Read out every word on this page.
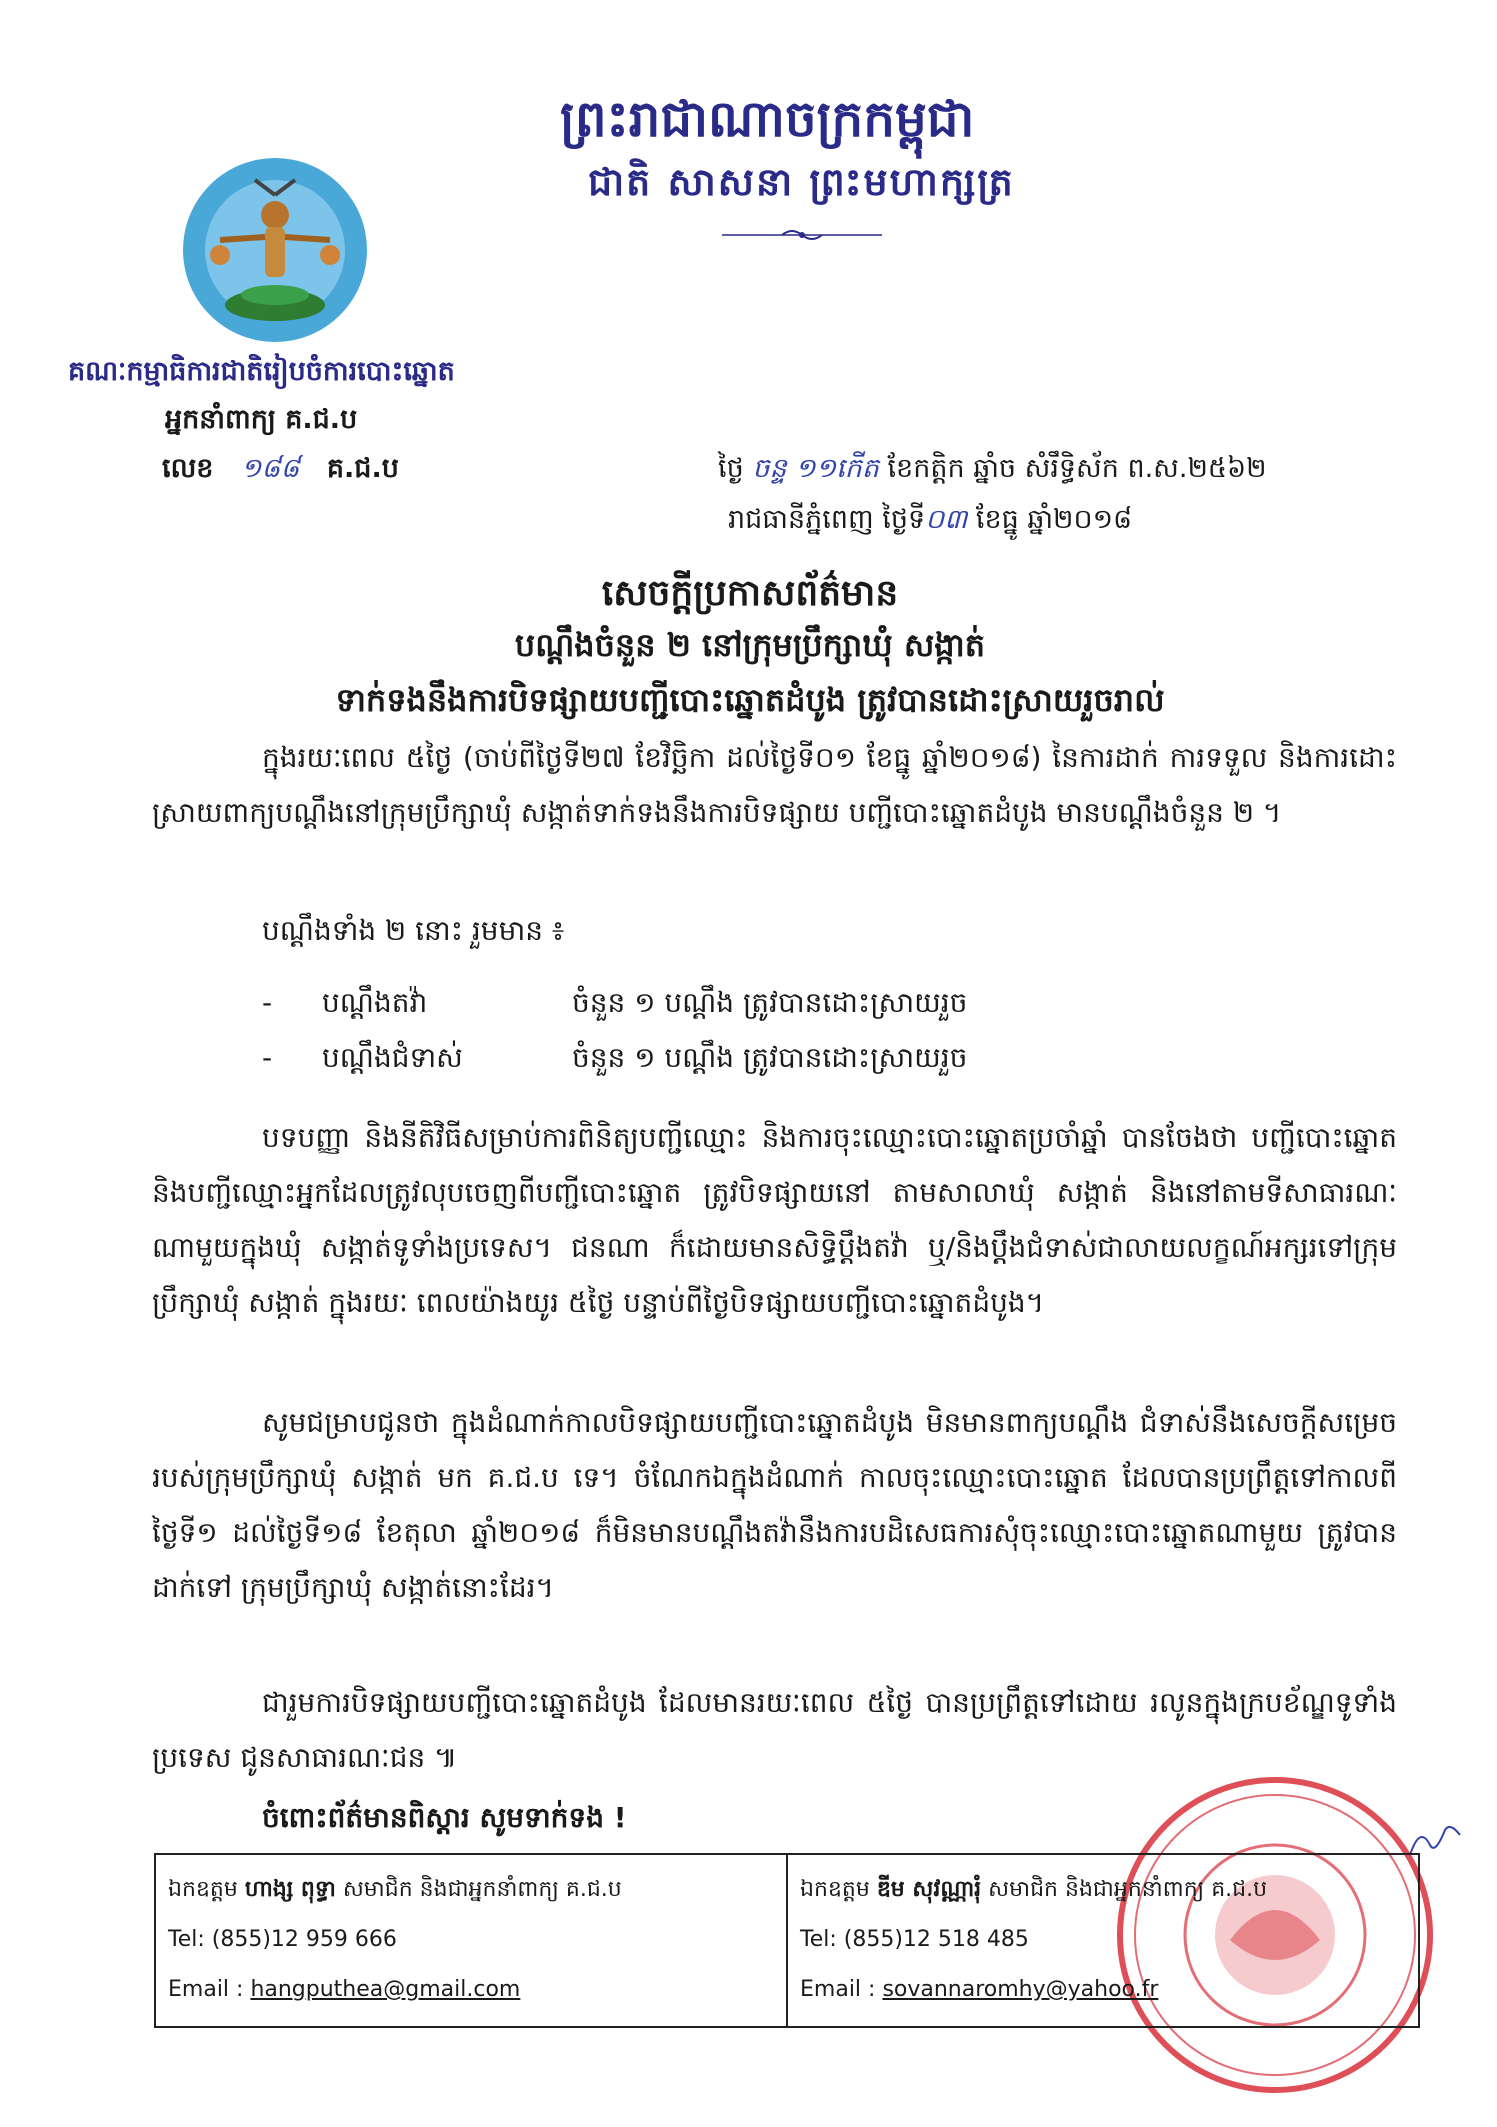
ព្រះរាជាណាចក្រកម្ពុជា
ជាតិ សាសនា ព្រះមហាក្សត្រ
គណៈកម្មាធិការជាតិរៀបចំការបោះឆ្នោត
អ្នកនាំពាក្យ គ.ជ.ប
លេខ ១៨៨ គ.ជ.ប	ថ្ងៃ ចន្ទ ១១កេីត ខែកត្តិក ឆ្នាំច សំរឹទ្ធិស័ក ព.ស.២៥៦២
រាជធានីភ្នំពេញ ថ្ងៃទី០៣ ខែធ្នូ ឆ្នាំ២០១៨
សេចក្តីប្រកាសព័ត៌មាន
បណ្តឹងចំនួន ២ នៅក្រុមប្រឹក្សាឃុំ សង្កាត់
ទាក់ទងនឹងការបិទផ្សាយបញ្ជីបោះឆ្នោតដំបូង ត្រូវបានដោះស្រាយរួចរាល់

ក្នុងរយៈពេល ៥ថ្ងៃ (ចាប់ពីថ្ងៃទី២៧ ខែវិច្ឆិកា ដល់ថ្ងៃទី០១ ខែធ្នូ ឆ្នាំ២០១៨) នៃការដាក់ ការទទួល និងការដោះស្រាយពាក្យបណ្តឹងនៅក្រុមប្រឹក្សាឃុំ សង្កាត់ទាក់ទងនឹងការបិទផ្សាយ បញ្ជីបោះឆ្នោតដំបូង មានបណ្តឹងចំនួន ២ ។

បណ្តឹងទាំង ២ នោះ រួមមាន ៖
- បណ្តឹងតវ៉ា	ចំនួន ១ បណ្តឹង ត្រូវបានដោះស្រាយរួច
- បណ្តឹងជំទាស់	ចំនួន ១ បណ្តឹង ត្រូវបានដោះស្រាយរួច

បទបញ្ញា និងនីតិវិធីសម្រាប់ការពិនិត្យបញ្ជីឈ្មោះ និងការចុះឈ្មោះបោះឆ្នោតប្រចាំឆ្នាំ បានចែងថា បញ្ជីបោះឆ្នោត និងបញ្ជីឈ្មោះអ្នកដែលត្រូវលុបចេញពីបញ្ជីបោះឆ្នោត ត្រូវបិទផ្សាយនៅ តាមសាលាឃុំ សង្កាត់ និងនៅតាមទីសាធារណៈណាមួយក្នុងឃុំ សង្កាត់ទូទាំងប្រទេស។ ជនណា ក៏ដោយមានសិទ្ធិប្តឹងតវ៉ា ឬ/និងប្តឹងជំទាស់ជាលាយលក្ខណ៍អក្សរទៅក្រុមប្រឹក្សាឃុំ សង្កាត់ ក្នុងរយៈ ពេលយ៉ាងយូរ ៥ថ្ងៃ បន្ទាប់ពីថ្ងៃបិទផ្សាយបញ្ជីបោះឆ្នោតដំបូង។

សូមជម្រាបជូនថា ក្នុងដំណាក់កាលបិទផ្សាយបញ្ជីបោះឆ្នោតដំបូង មិនមានពាក្យបណ្តឹង ជំទាស់នឹងសេចក្តីសម្រេចរបស់ក្រុមប្រឹក្សាឃុំ សង្កាត់ មក គ.ជ.ប ទេ។ ចំណែកឯក្នុងដំណាក់ កាលចុះឈ្មោះបោះឆ្នោត ដែលបានប្រព្រឹត្តទៅកាលពីថ្ងៃទី១ ដល់ថ្ងៃទី១៨ ខែតុលា ឆ្នាំ២០១៨ ក៏មិនមានបណ្តឹងតវ៉ានឹងការបដិសេធការសុំចុះឈ្មោះបោះឆ្នោតណាមួយ ត្រូវបានដាក់ទៅ ក្រុមប្រឹក្សាឃុំ សង្កាត់នោះដែរ។

ជារួមការបិទផ្សាយបញ្ជីបោះឆ្នោតដំបូង ដែលមានរយៈពេល ៥ថ្ងៃ បានប្រព្រឹត្តទៅដោយ រលូនក្នុងក្របខ័ណ្ឌទូទាំងប្រទេស ជូនសាធារណៈជន ៕

ចំពោះព័ត៌មានពិស្តារ សូមទាក់ទង !
ឯកឧត្តម ហាង្ស ពុទ្ធា សមាជិក និងជាអ្នកនាំពាក្យ គ.ជ.ប
Tel: (855)12 959 666
Email : hangputhea@gmail.com
ឯកឧត្តម ឌីម សុវណ្ណារុំ សមាជិក និងជាអ្នកនាំពាក្យ គ.ជ.ប
Tel: (855)12 518 485
Email : sovannaromhy@yahoo.fr
